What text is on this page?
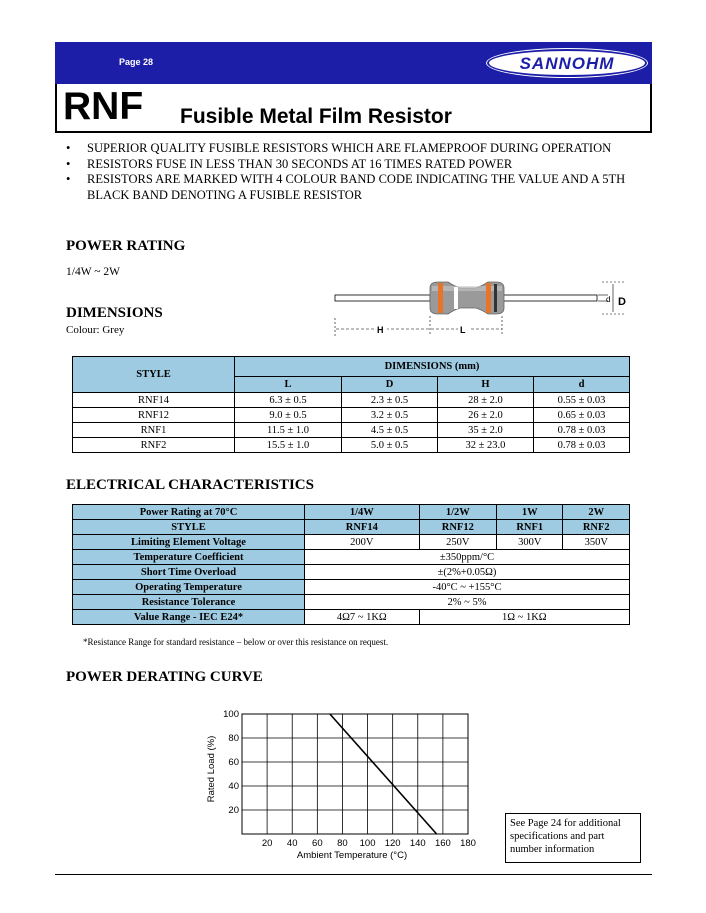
Page 28	SANNOHM
RNF Fusible Metal Film Resistor
• SUPERIOR QUALITY FUSIBLE RESISTORS WHICH ARE FLAMEPROOF DURING OPERATION
• RESISTORS FUSE IN LESS THAN 30 SECONDS AT 16 TIMES RATED POWER
• RESISTORS ARE MARKED WITH 4 COLOUR BAND CODE INDICATING THE VALUE AND A 5TH BLACK BAND DENOTING A FUSIBLE RESISTOR
POWER RATING
1/4W ~ 2W
DIMENSIONS
Colour: Grey
d D
H	L
STYLE	DIMENSIONS (mm)			
	L	D	H	d
RNF14	6.3 ± 0.5	2.3 ± 0.5	28 ± 2.0	0.55 ± 0.03
RNF12	9.0 ± 0.5	3.2 ± 0.5	26 ± 2.0	0.65 ± 0.03
RNF1	11.5 ± 1.0	4.5 ± 0.5	35 ± 2.0	0.78 ± 0.03
RNF2	15.5 ± 1.0	5.0 ± 0.5	32 ± 23.0	0.78 ± 0.03
ELECTRICAL CHARACTERISTICS
Power Rating at 70°C	1/4W	1/2W	1W	2W
STYLE	RNF14	RNF12	RNF1	RNF2
Limiting Element Voltage	200V	250V	300V	350V
Temperature Coefficient	±350ppm/°C			
Short Time Overload	±(2%+0.05Ω)			
Operating Temperature	-40°C ~ +155°C			
Resistance Tolerance	2% ~ 5%			
Value Range - IEC E24*	4Ω7 ~ 1KΩ	1Ω ~ 1KΩ		
*Resistance Range for standard resistance – below or over this resistance on request.
POWER DERATING CURVE
20 40 60 80 100 120 140 160 180
20
40
60
80
100
Ambient Temperature (°C)
Rated Load (%)
See Page 24 for additional specifications and part number information
